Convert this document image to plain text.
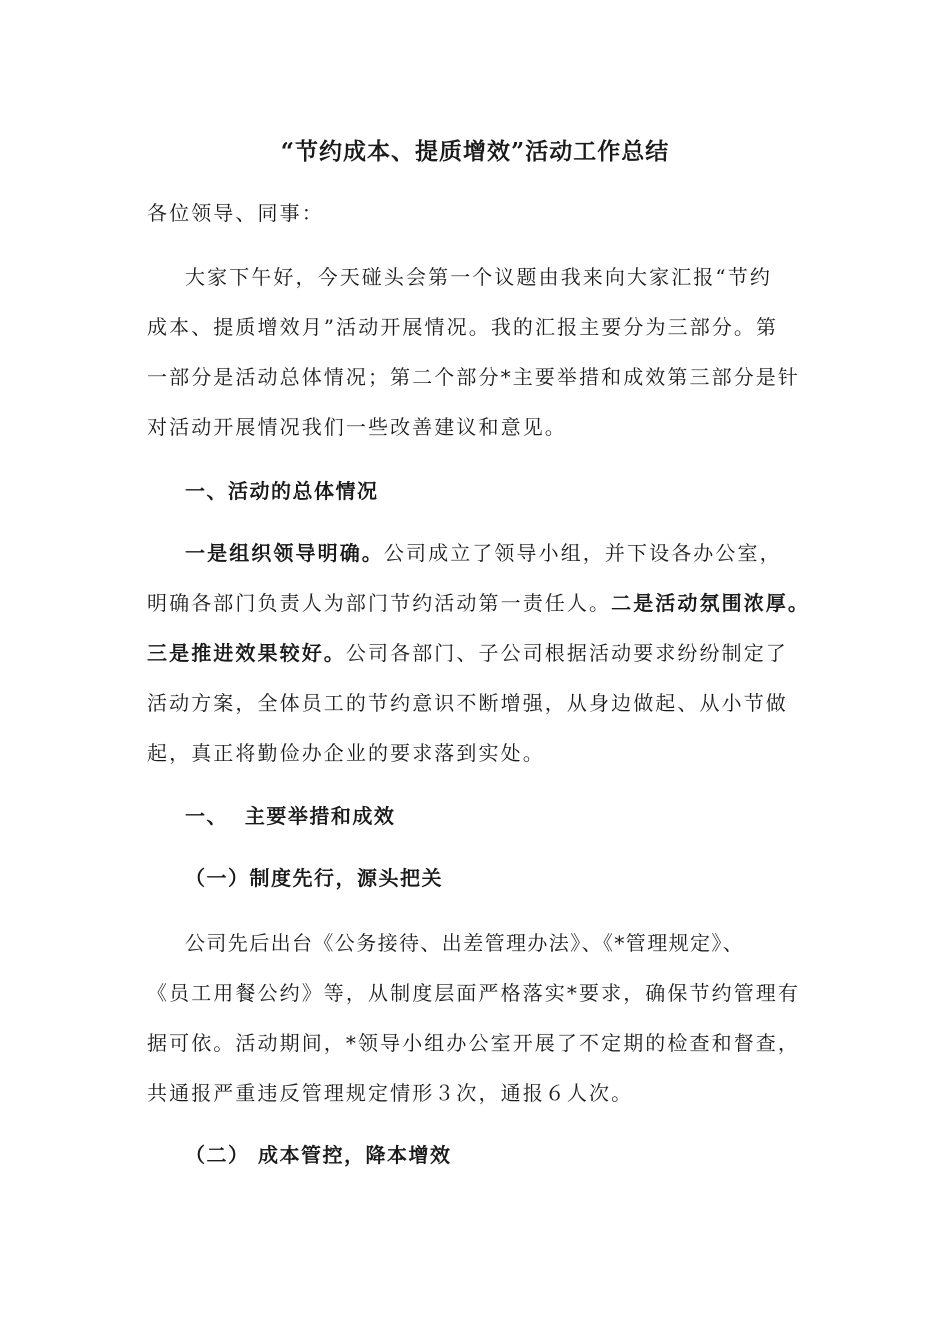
“节约成本、提质增效”活动工作总结

各位领导、同事：

大家下午好，今天碰头会第一个议题由我来向大家汇报“节约

成本、提质增效月”活动开展情况。我的汇报主要分为三部分。第

一部分是活动总体情况；第二个部分*主要举措和成效第三部分是针

对活动开展情况我们一些改善建议和意见。

一、活动的总体情况

一是组织领导明确。公司成立了领导小组，并下设各办公室，

明确各部门负责人为部门节约活动第一责任人。二是活动氛围浓厚。

三是推进效果较好。公司各部门、子公司根据活动要求纷纷制定了

活动方案，全体员工的节约意识不断增强，从身边做起、从小节做

起，真正将勤俭办企业的要求落到实处。

一、  主要举措和成效

（一）制度先行，源头把关

公司先后出台《公务接待、出差管理办法》、《*管理规定》、

《员工用餐公约》等，从制度层面严格落实*要求，确保节约管理有

据可依。活动期间，*领导小组办公室开展了不定期的检查和督查，

共通报严重违反管理规定情形３次，通报６人次。

（二） 成本管控，降本增效
